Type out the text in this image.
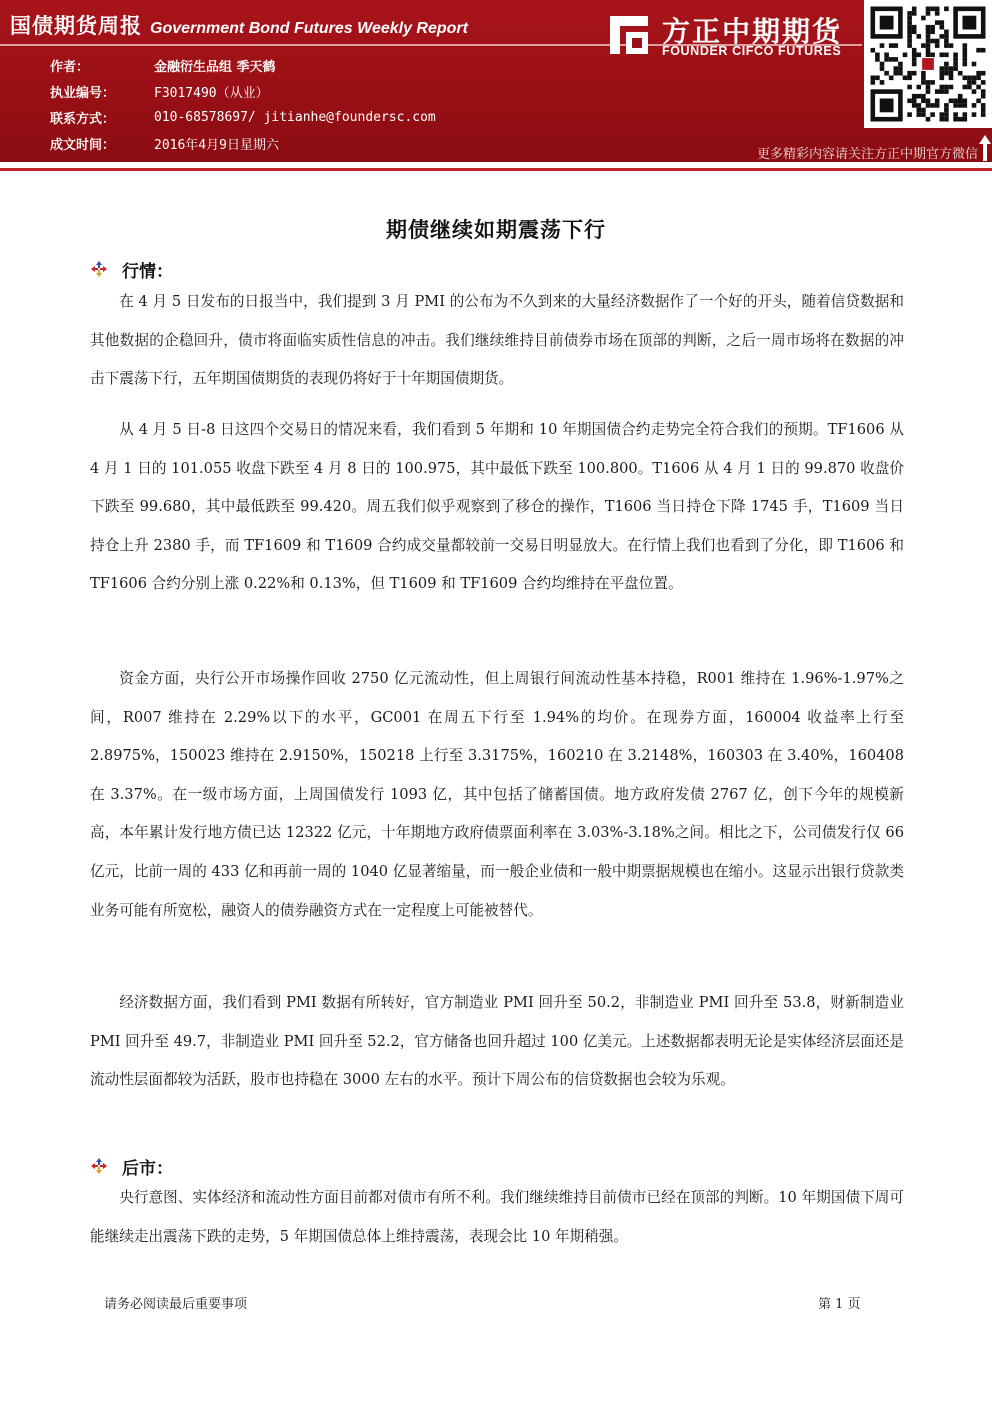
国债期货周报 Government Bond Futures Weekly Report
作者：	金融衍生品组 季天鹤
执业编号：	F3017490（从业）
联系方式：	010-68578697/ jitianhe@foundersc.com
成文时间：	2016年4月9日星期六
方正中期期货
FOUNDER CIFCO FUTURES
更多精彩内容请关注方正中期官方微信
期债继续如期震荡下行
行情：

在 4 月 5 日发布的日报当中，我们提到 3 月 PMI 的公布为不久到来的大量经济数据作了一个好的开头，随着信贷数据和其他数据的企稳回升，债市将面临实质性信息的冲击。我们继续维持目前债券市场在顶部的判断，之后一周市场将在数据的冲击下震荡下行，五年期国债期货的表现仍将好于十年期国债期货。

从 4 月 5 日-8 日这四个交易日的情况来看，我们看到 5 年期和 10 年期国债合约走势完全符合我们的预期。TF1606 从 4 月 1 日的 101.055 收盘下跌至 4 月 8 日的 100.975，其中最低下跌至 100.800。T1606 从 4 月 1 日的 99.870 收盘价下跌至 99.680，其中最低跌至 99.420。周五我们似乎观察到了移仓的操作，T1606 当日持仓下降 1745 手，T1609 当日持仓上升 2380 手，而 TF1609 和 T1609 合约成交量都较前一交易日明显放大。在行情上我们也看到了分化，即 T1606 和 TF1606 合约分别上涨 0.22%和 0.13%，但 T1609 和 TF1609 合约均维持在平盘位置。

资金方面，央行公开市场操作回收 2750 亿元流动性，但上周银行间流动性基本持稳，R001 维持在 1.96%-1.97%之间，R007 维持在 2.29%以下的水平，GC001 在周五下行至 1.94%的均价。在现券方面，160004 收益率上行至 2.8975%，150023 维持在 2.9150%，150218 上行至 3.3175%，160210 在 3.2148%，160303 在 3.40%，160408 在 3.37%。在一级市场方面，上周国债发行 1093 亿，其中包括了储蓄国债。地方政府发债 2767 亿，创下今年的规模新高，本年累计发行地方债已达 12322 亿元，十年期地方政府债票面利率在 3.03%-3.18%之间。相比之下，公司债发行仅 66 亿元，比前一周的 433 亿和再前一周的 1040 亿显著缩量，而一般企业债和一般中期票据规模也在缩小。这显示出银行贷款类业务可能有所宽松，融资人的债券融资方式在一定程度上可能被替代。

经济数据方面，我们看到 PMI 数据有所转好，官方制造业 PMI 回升至 50.2，非制造业 PMI 回升至 53.8，财新制造业 PMI 回升至 49.7，非制造业 PMI 回升至 52.2，官方储备也回升超过 100 亿美元。上述数据都表明无论是实体经济层面还是流动性层面都较为活跃，股市也持稳在 3000 左右的水平。预计下周公布的信贷数据也会较为乐观。

后市：

央行意图、实体经济和流动性方面目前都对债市有所不利。我们继续维持目前债市已经在顶部的判断。10 年期国债下周可能继续走出震荡下跌的走势，5 年期国债总体上维持震荡，表现会比 10 年期稍强。

请务必阅读最后重要事项	第 1 页
